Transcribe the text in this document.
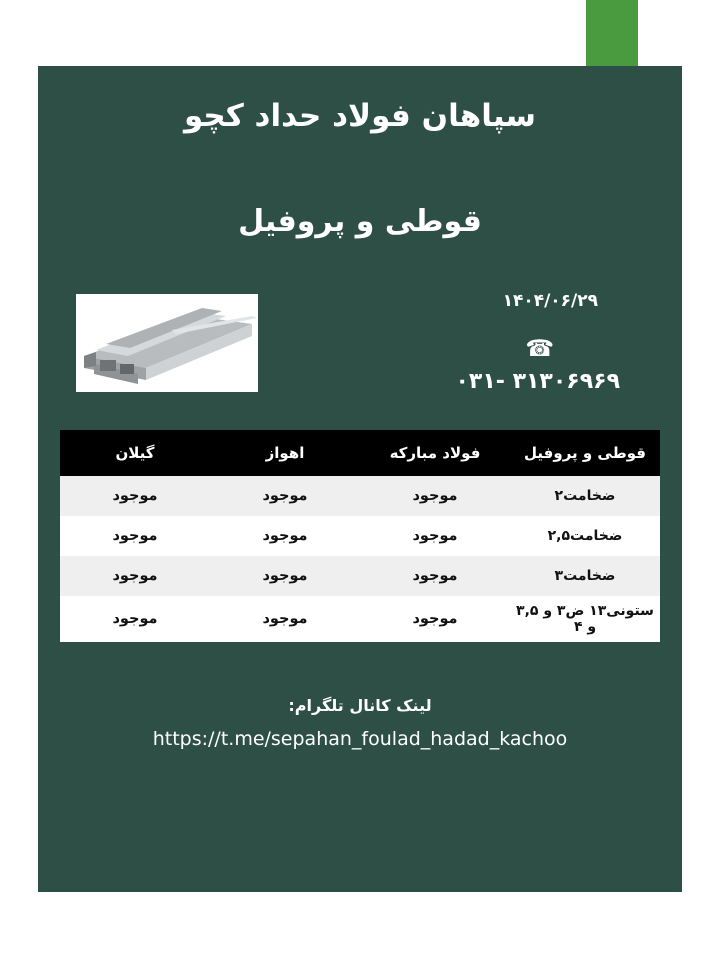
سپاهان فولاد حداد کچو
قوطی و پروفیل
۱۴۰۴/۰۶/۲۹
☎
۰۳۱- ۳۱۳۰۶۹۶۹
قوطی و پروفیل	فولاد مبارکه	اهواز	گیلان
ضخامت۲	موجود	موجود	موجود
ضخامت۲,۵	موجود	موجود	موجود
ضخامت۳	موجود	موجود	موجود
ستونی۱۳ ض۳ و ۳,۵ و ۴	موجود	موجود	موجود
لینک کانال تلگرام:
https://t.me/sepahan_foulad_hadad_kachoo
